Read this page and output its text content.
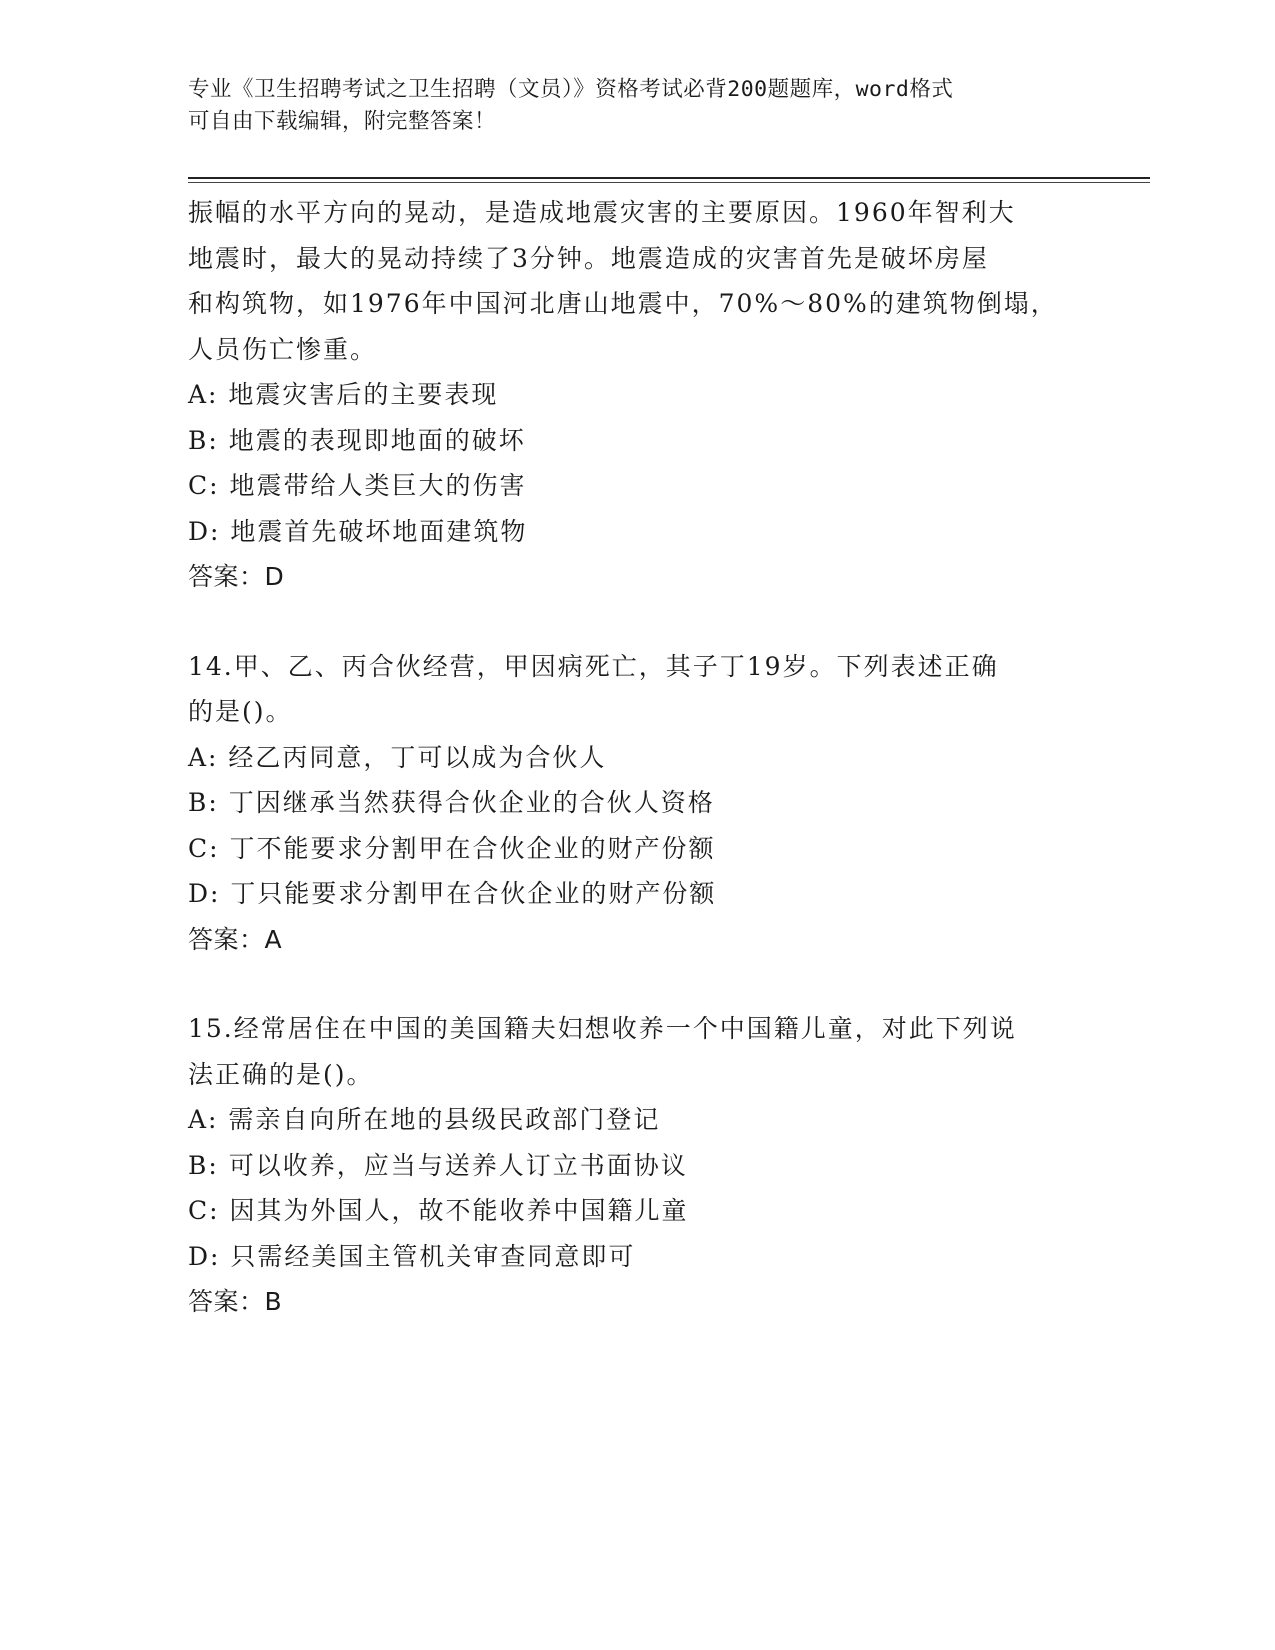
专业《卫生招聘考试之卫生招聘（文员）》资格考试必背200题题库，word格式
可自由下载编辑，附完整答案！
振幅的水平方向的晃动，是造成地震灾害的主要原因。1960年智利大
地震时，最大的晃动持续了3分钟。地震造成的灾害首先是破坏房屋
和构筑物，如1976年中国河北唐山地震中，70%～80%的建筑物倒塌，
人员伤亡惨重。
A: 地震灾害后的主要表现
B: 地震的表现即地面的破坏
C: 地震带给人类巨大的伤害
D: 地震首先破坏地面建筑物
答案：D
14.甲、乙、丙合伙经营，甲因病死亡，其子丁19岁。下列表述正确
的是()。
A: 经乙丙同意，丁可以成为合伙人
B: 丁因继承当然获得合伙企业的合伙人资格
C: 丁不能要求分割甲在合伙企业的财产份额
D: 丁只能要求分割甲在合伙企业的财产份额
答案：A
15.经常居住在中国的美国籍夫妇想收养一个中国籍儿童，对此下列说
法正确的是()。
A: 需亲自向所在地的县级民政部门登记
B: 可以收养，应当与送养人订立书面协议
C: 因其为外国人，故不能收养中国籍儿童
D: 只需经美国主管机关审查同意即可
答案：B
